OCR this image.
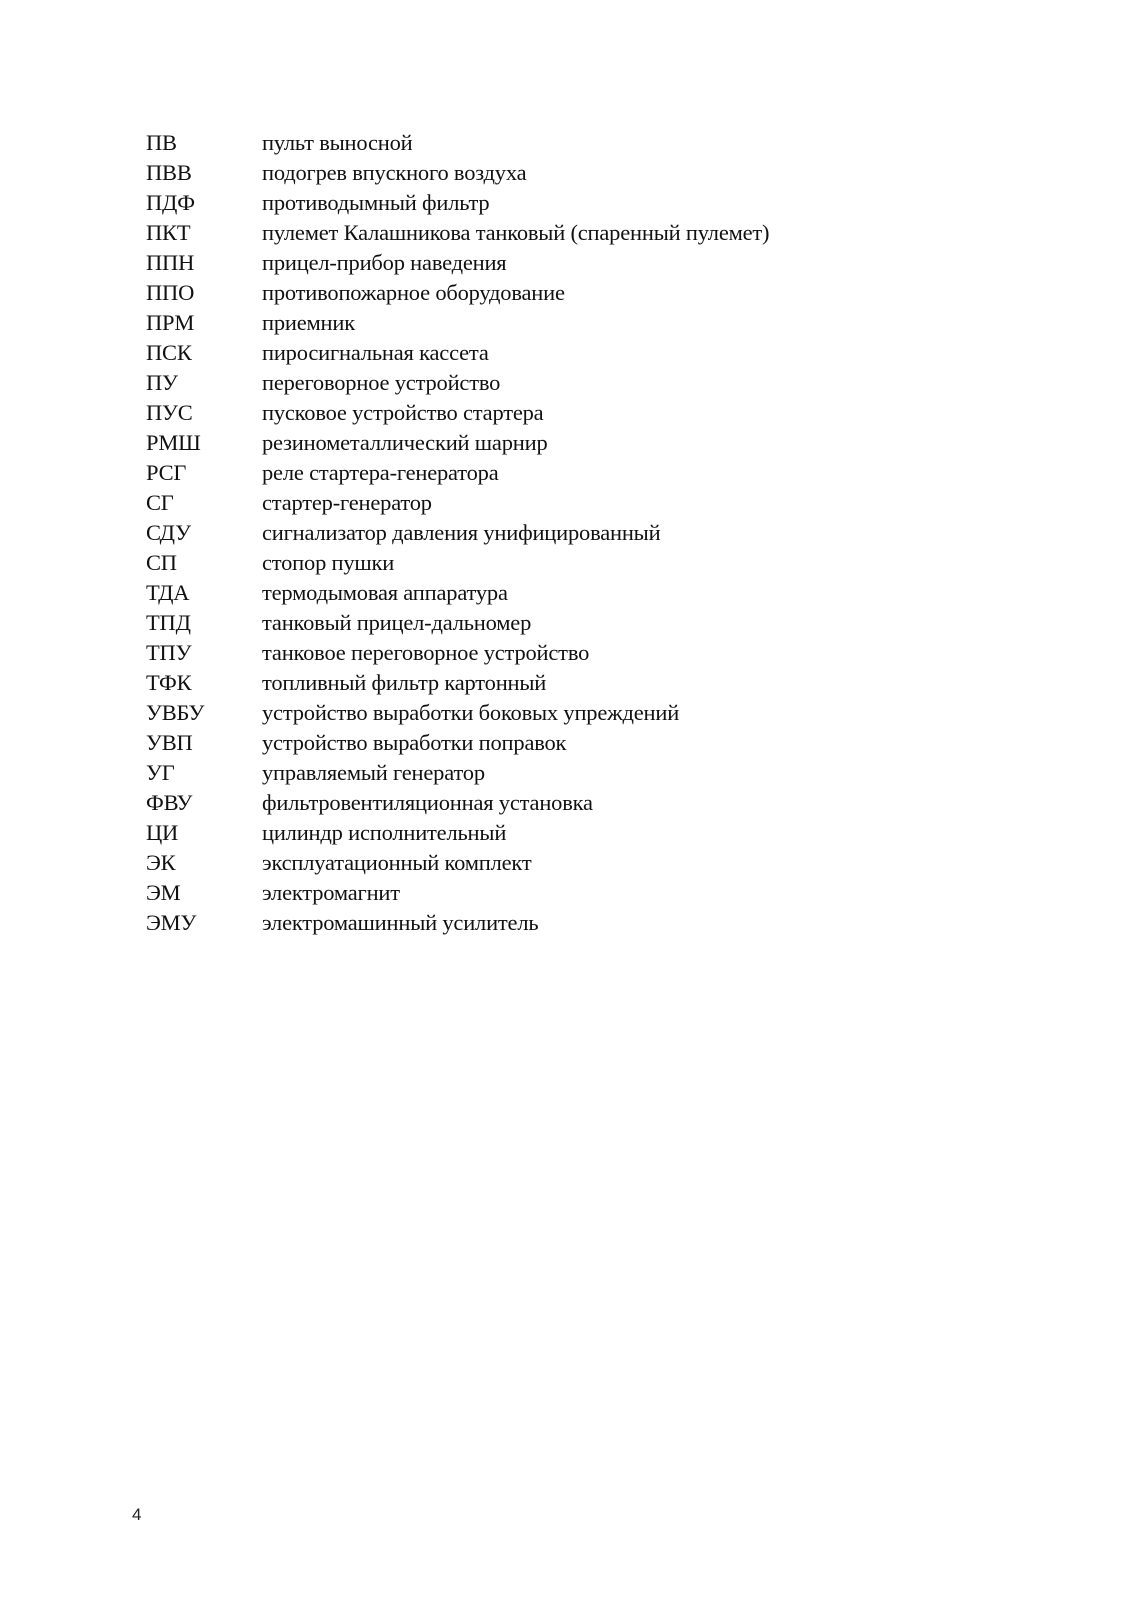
ПВ	пульт выносной
ПВВ	подогрев впускного воздуха
ПДФ	противодымный фильтр
ПКТ	пулемет Калашникова танковый (спаренный пулемет)
ППН	прицел-прибор наведения
ППО	противопожарное оборудование
ПРМ	приемник
ПСК	пиросигнальная кассета
ПУ	переговорное устройство
ПУС	пусковое устройство стартера
РМШ	резинометаллический шарнир
РСГ	реле стартера-генератора
СГ	стартер-генератор
СДУ	сигнализатор давления унифицированный
СП	стопор пушки
ТДА	термодымовая аппаратура
ТПД	танковый прицел-дальномер
ТПУ	танковое переговорное устройство
ТФК	топливный фильтр картонный
УВБУ	устройство выработки боковых упреждений
УВП	устройство выработки поправок
УГ	управляемый генератор
ФВУ	фильтровентиляционная установка
ЦИ	цилиндр исполнительный
ЭК	эксплуатационный комплект
ЭМ	электромагнит
ЭМУ	электромашинный усилитель
4
